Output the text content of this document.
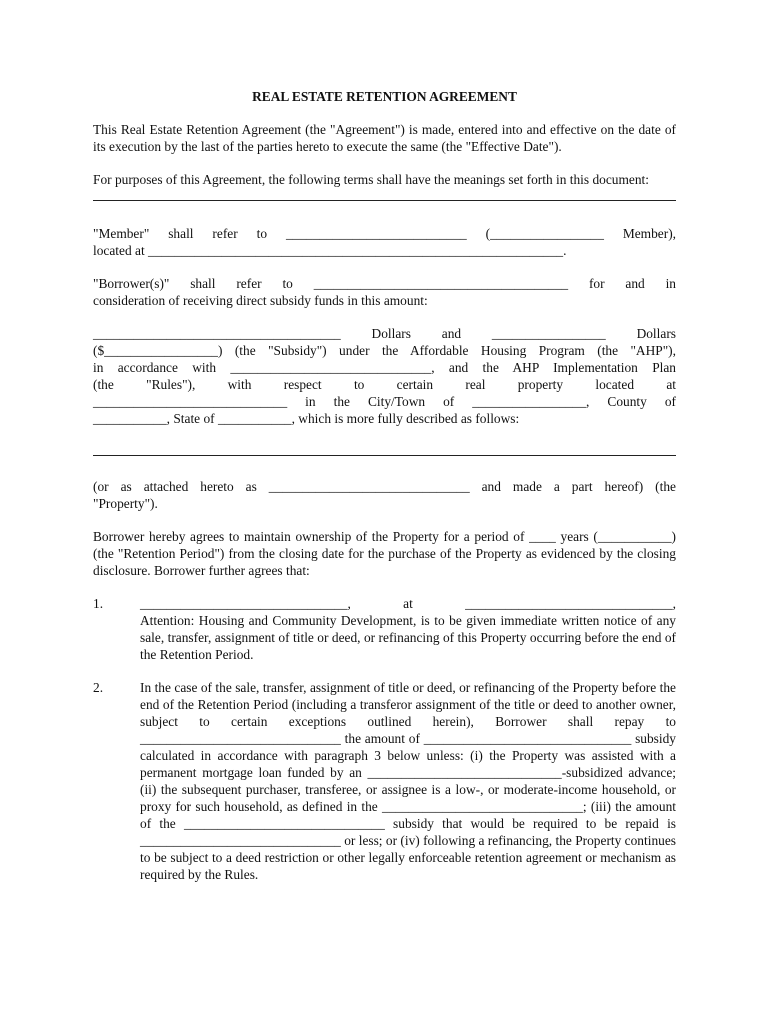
REAL ESTATE RETENTION AGREEMENT

This Real Estate Retention Agreement (the "Agreement") is made, entered into and effective on the date of its execution by the last of the parties hereto to execute the same (the "Effective Date").

For purposes of this Agreement, the following terms shall have the meanings set forth in this document:

"Member" shall refer to ___________________________ (_________________ Member),

located at ______________________________________________________________.

"Borrower(s)" shall refer to ______________________________________ for and in

consideration of receiving direct subsidy funds in this amount:

_____________________________________ Dollars and _________________ Dollars

($_________________) (the "Subsidy") under the Affordable Housing Program (the "AHP"),

in accordance with ______________________________, and the AHP Implementation Plan

(the "Rules"), with respect to certain real property located at

_____________________________ in the City/Town of _________________, County of

___________, State of ___________, which is more fully described as follows:

(or as attached hereto as ______________________________ and made a part hereof) (the

"Property").

Borrower hereby agrees to maintain ownership of the Property for a period of ____ years (___________) (the "Retention Period") from the closing date for the purchase of the Property as evidenced by the closing disclosure. Borrower further agrees that:

1.	_______________________________, at _______________________________,

Attention: Housing and Community Development, is to be given immediate written notice of any sale, transfer, assignment of title or deed, or refinancing of this Property occurring before the end of the Retention Period.

2.	In the case of the sale, transfer, assignment of title or deed, or refinancing of the Property before the end of the Retention Period (including a transferor assignment of the title or deed to another owner, subject to certain exceptions outlined herein), Borrower shall repay to ______________________________ the amount of _______________________________ subsidy calculated in accordance with paragraph 3 below unless: (i) the Property was assisted with a permanent mortgage loan funded by an _____________________________-subsidized advance; (ii) the subsequent purchaser, transferee, or assignee is a low-, or moderate-income household, or proxy for such household, as defined in the ______________________________; (iii) the amount of the ______________________________ subsidy that would be required to be repaid is ______________________________ or less; or (iv) following a refinancing, the Property continues to be subject to a deed restriction or other legally enforceable retention agreement or mechanism as required by the Rules.
